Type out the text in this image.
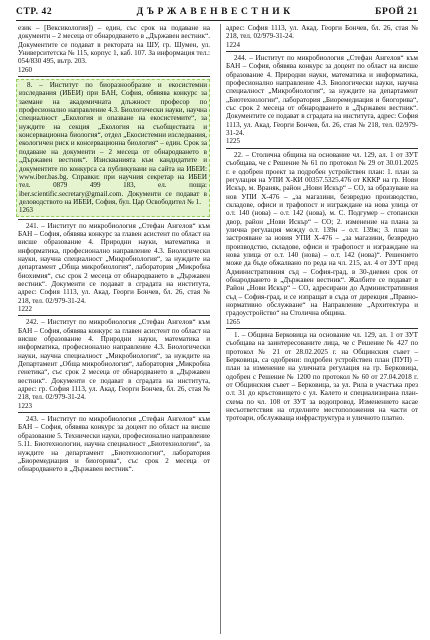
СТР. 42	Д Ъ Р Ж А В Е Н В Е С Т Н И К	БРОЙ 21

език – [Вексикология]) – един, със срок на подаване на документи – 2 месеца от обнародването в „Държавен вестник“. Документите се подават в ректората на ШУ, гр. Шумен, ул. Университетска № 115, корпус 1, каб. 107. За информация тел.: 054/830 495, вътр. 203.

1260

8. – Институт по биоразнообразие и екосистемни изследвания (ИБЕИ) при БАН, София, обявява конкурс за заемане на академичната длъжност професор по професионално направление 4.3. Биологически науки, научна специалност „Екология и опазване на екосистемите“, за нуждите на секция „Екология на съобществата и консервационна биология“, отдел „Екосистемни изследвания, екологичен риск и консервационна биология“ – един. Срок за подаване на документи – 2 месеца от обнародването в „Държавен вестник“. Изискванията към кандидатите и документите по конкурса са публикувани на сайта на ИБЕИ: www.iber.bas.bg. Справки: при научния секретар на ИБЕИ тел. 0879 499 183, ел. поща: iber.scientific.secretary@gmail.com. Документи се подават в деловодството на ИБЕИ, София, бул. Цар Освободител № 1.

1263

241. – Институт по микробиология „Стефан Ангелов“ към БАН – София, обявява конкурс за главен асистент по област на висше образование 4. Природни науки, математика и информатика, професионално направление 4.3. Биологически науки, научна специалност „Микробиология“, за нуждите на департамент „Обща микробиология“, лаборатория „Микробна биохимия“, със срок 2 месеца от обнародването в „Държавен вестник“. Документи се подават в сградата на института, адрес: София 1113, ул. Акад. Георги Бончев, бл. 26, стая № 218, тел. 02/979-31-24.

1222

242. – Институт по микробиология „Стефан Ангелов“ към БАН – София, обявява конкурс за главен асистент по област на висше образование 4. Природни науки, математика и информатика, професионално направление 4.3. Биологически науки, научна специалност „Микробиология“, за нуждите на Департамент „Обща микробиология“, лаборатория „Микробна генетика“, със срок 2 месеца от обнародването в „Държавен вестник“. Документи се подават в сградата на института, адрес: гр. София 1113, ул. Акад. Георги Бончев, бл. 26, стая № 218, тел. 02/979-31-24.

1223

243. – Институт по микробиология „Стефан Ангелов“ към БАН – София, обявява конкурс за доцент по област на висше образование 5. Технически науки, професионално направление 5.11. Биотехнологии, научна специалност „Биотехнологии“, за нуждите на департамент „Биотехнологии“, лаборатория „Биоремедиация и биогорива“, със срок 2 месеца от обнародването в „Държавен вестник“.

адрес: София 1113, ул. Акад. Георги Бончев, бл. 26, стая № 218, тел. 02/979-31-24.

1224

244. – Институт по микробиология „Стефан Ангелов“ към БАН – София, обявява конкурс за доцент по област на висше образование 4. Природни науки, математика и информатика, професионално направление 4.3. Биологически науки, научна специалност „Микробиология“, за нуждите на департамент „Биотехнологии“, лаборатория „Биоремедиация и биогорива“, със срок 2 месеца от обнародването в „Държавен вестник“. Документите се подават в сградата на института, адрес: София 1113, ул. Акад. Георги Бончев, бл. 26, стая № 218, тел. 02/979-31-24.

1225

22. – Столична община на основание чл. 129, ал. 1 от ЗУТ съобщава, че с Решение № 61 по протокол № 29 от 30.01.2025 г. е одобрен проект за подробен устройствен план: 1. план за регулация на УПИ X-КИ 00357.5325.476 от КККР на гр. Нови Искър, м. Враняк, район „Нови Искър“ – СО, за образуване на нов УПИ X-476 – „за магазини, безвредно производство, складове, офиси и трафопост и изграждане на нова улица от о.т. 140 (нова) – о.т. 142 (нова), м. С. Подгумер – стопански двор, район „Нови Искър“ – СО; 2. изменение на плана за улична регулация между о.т. 139н – о.т. 139ж; 3. план за застрояване за новия УПИ X-476 – „за магазини, безвредно производство, складове, офиси и трафопост и изграждане на нова улица от о.т. 140 (нова) – о.т. 142 (нова)“. Решението може да бъде обжалвано по реда на чл. 215, ал. 4 от ЗУТ пред Административния съд – София-град, в 30-дневен срок от обнародването в „Държавен вестник“. Жалбите се подават в Район „Нови Искър“ – СО, адресирани до Административния съд – София-град, и се изпращат в съда от дирекция „Правно-нормативно обслужване“ на Направление „Архитектура и градоустройство“ на Столична община.

1265

1. – Община Берковица на основание чл. 129, ал. 1 от ЗУТ съобщава на заинтересованите лица, че с Решение № 427 по протокол № 21 от 28.02.2025 г. на Общинския съвет – Берковица, са одобрени: подробен устройствен план (ПУП) – план за изменение на уличната регулация на гр. Берковица, одобрен с Решение № 1200 по протокол № 60 от 27.04.2018 г. от Общинския съвет – Берковица, за ул. Рила в участъка през о.т. 31 до кръстовището с ул. Калето и специализирана план-схема по чл. 108 от ЗУТ за водопровод. Изменението касае несъответствия на отделните местоположения на части от тротоари, обслужваща инфраструктура и уличното платно.
